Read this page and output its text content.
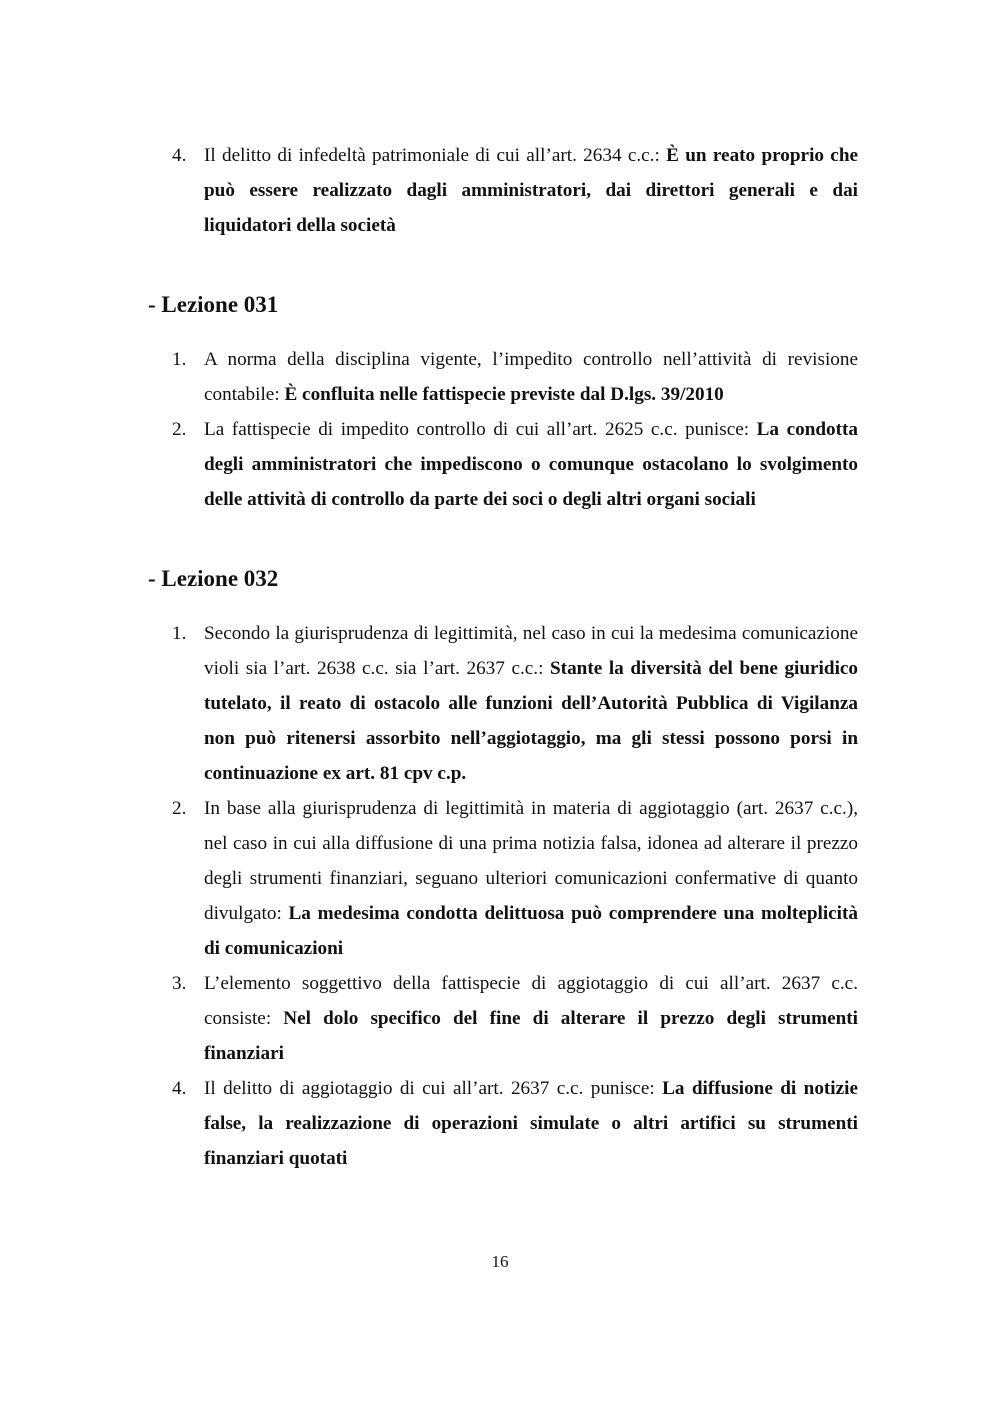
4. Il delitto di infedeltà patrimoniale di cui all’art. 2634 c.c.: È un reato proprio che può essere realizzato dagli amministratori, dai direttori generali e dai liquidatori della società
- Lezione 031
1. A norma della disciplina vigente, l’impedito controllo nell’attività di revisione contabile: È confluita nelle fattispecie previste dal D.lgs. 39/2010
2. La fattispecie di impedito controllo di cui all’art. 2625 c.c. punisce: La condotta degli amministratori che impediscono o comunque ostacolano lo svolgimento delle attività di controllo da parte dei soci o degli altri organi sociali
- Lezione 032
1. Secondo la giurisprudenza di legittimità, nel caso in cui la medesima comunicazione violi sia l’art. 2638 c.c. sia l’art. 2637 c.c.: Stante la diversità del bene giuridico tutelato, il reato di ostacolo alle funzioni dell’Autorità Pubblica di Vigilanza non può ritenersi assorbito nell’aggiotaggio, ma gli stessi possono porsi in continuazione ex art. 81 cpv c.p.
2. In base alla giurisprudenza di legittimità in materia di aggiotaggio (art. 2637 c.c.), nel caso in cui alla diffusione di una prima notizia falsa, idonea ad alterare il prezzo degli strumenti finanziari, seguano ulteriori comunicazioni confermative di quanto divulgato: La medesima condotta delittuosa può comprendere una molteplicità di comunicazioni
3. L’elemento soggettivo della fattispecie di aggiotaggio di cui all’art. 2637 c.c. consiste: Nel dolo specifico del fine di alterare il prezzo degli strumenti finanziari
4. Il delitto di aggiotaggio di cui all’art. 2637 c.c. punisce: La diffusione di notizie false, la realizzazione di operazioni simulate o altri artifici su strumenti finanziari quotati
16
